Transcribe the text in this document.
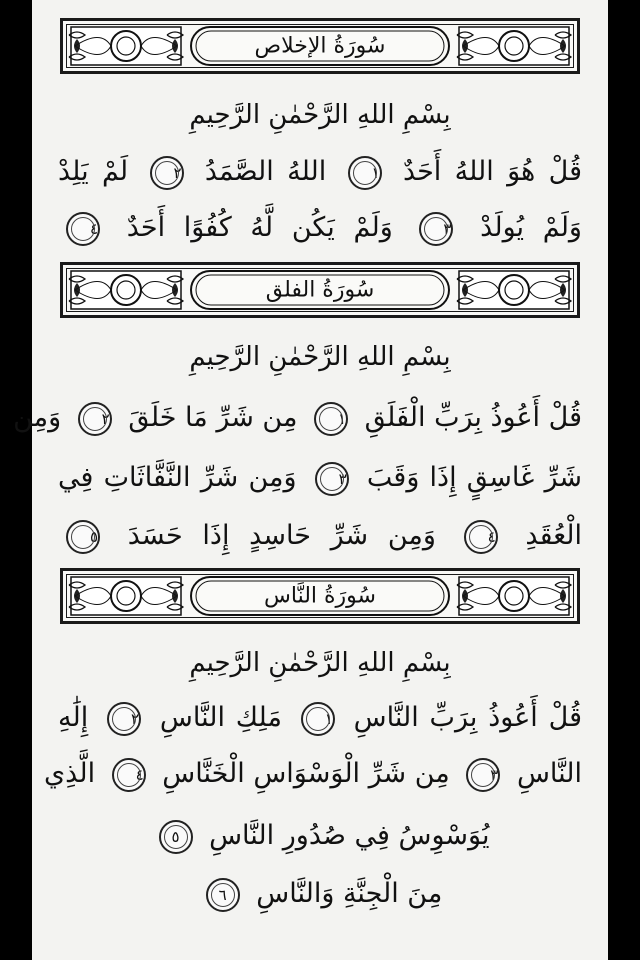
سُورَةُ الإخلاص
بِسْمِ اللهِ الرَّحْمٰنِ الرَّحِيمِ
قُلْ هُوَ اللهُ أَحَدٌ ١ اللهُ الصَّمَدُ ٢ لَمْ يَلِدْ
وَلَمْ يُولَدْ ٣ وَلَمْ يَكُن لَّهُ كُفُوًا أَحَدٌ ٤
سُورَةُ الفلق
بِسْمِ اللهِ الرَّحْمٰنِ الرَّحِيمِ
قُلْ أَعُوذُ بِرَبِّ الْفَلَقِ ١ مِن شَرِّ مَا خَلَقَ ٢ وَمِن
شَرِّ غَاسِقٍ إِذَا وَقَبَ ٣ وَمِن شَرِّ النَّفَّاثَاتِ فِي
الْعُقَدِ ٤ وَمِن شَرِّ حَاسِدٍ إِذَا حَسَدَ ٥
سُورَةُ النَّاس
بِسْمِ اللهِ الرَّحْمٰنِ الرَّحِيمِ
قُلْ أَعُوذُ بِرَبِّ النَّاسِ ١ مَلِكِ النَّاسِ ٢ إِلَٰهِ
النَّاسِ ٣ مِن شَرِّ الْوَسْوَاسِ الْخَنَّاسِ ٤ الَّذِي
يُوَسْوِسُ فِي صُدُورِ النَّاسِ ٥
مِنَ الْجِنَّةِ وَالنَّاسِ ٦
